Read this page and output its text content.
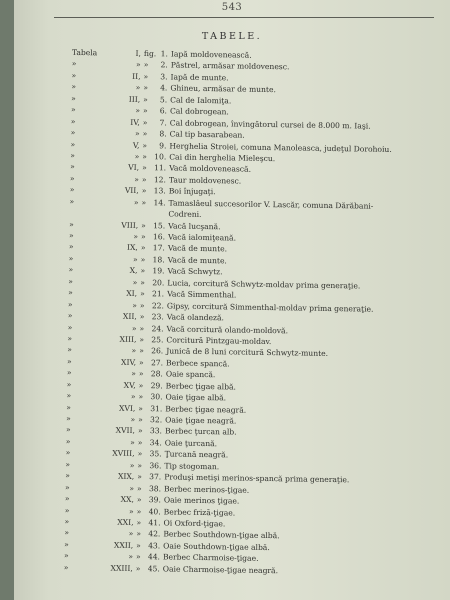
543
TABELE.
Tabela	I, fig. 1. Iapă moldovenească.
»	» »	2. Păstrel, armăsar moldovenesc.
»	II, »	3. Iapă de munte.
»	» »	4. Ghineu, armăsar de munte.
»	III, »	5. Cal de Ialomiţa.
»	» »	6. Cal dobrogean.
»	IV, »	7. Cal dobrogean, învingătorul cursei de 8.000 m. Iaşi.
»	» »	8. Cal tip basarabean.
»	V, »	9. Herghelia Stroiei, comuna Manoleasca, judeţul Dorohoiu.
»	» » 10. Cai din herghelia Mieleşcu.
»	VI, » 11. Vacă moldovenească.
»	» » 12. Taur moldovenesc.
»	VII, » 13. Boi înjugaţi.
»	» » 14. Tamaslâeul succesorilor V. Lascăr, comuna Dărăbani-
Codreni.
»	VIII, » 15. Vacă lucşană.
»	» » 16. Vacă ialomiţeană.
»	IX, » 17. Vacă de munte.
»	» » 18. Vacă de munte.
»	X, » 19. Vacă Schwytz.
»	» » 20. Lucia, corcitură Schwytz-moldav prima generaţie.
»	XI, » 21. Vacă Simmenthal.
»	» » 22. Gipsy, corcitură Simmenthal-moldav prima generaţie.
»	XII, » 23. Vacă olandeză.
»	» » 24. Vacă corcitură olando-moldovă.
»	XIII, » 25. Corcitură Pintzgau-moldav.
»	» » 26. Junică de 8 luni corcitură Schwytz-munte.
»	XIV, » 27. Berbece spancă.
»	» » 28. Oaie spancă.
»	XV, » 29. Berbec ţigae albă.
»	» » 30. Oaie ţigae albă.
»	XVI, » 31. Berbec ţigae neagră.
»	» » 32. Oaie ţigae neagră.
»	XVII, » 33. Berbec ţurcan alb.
»	» » 34. Oaie ţurcană.
»	XVIII, » 35. Ţurcană neagră.
»	» » 36. Tip stogoman.
»	XIX, » 37. Produşi metişi merinos-spancă prima generaţie.
»	» » 38. Berbec merinos-ţigae.
»	XX, » 39. Oaie merinos ţigae.
»	» » 40. Berbec frizā-ţigae.
»	XXI, » 41. Oi Oxford-ţigae.
»	» » 42. Berbec Southdown-ţigae albă.
»	XXII, » 43. Oaie Southdown-ţigae albă.
»	» » 44. Berbec Charmoise-ţigae.
»	XXIII, » 45. Oaie Charmoise-ţigae neagră.
